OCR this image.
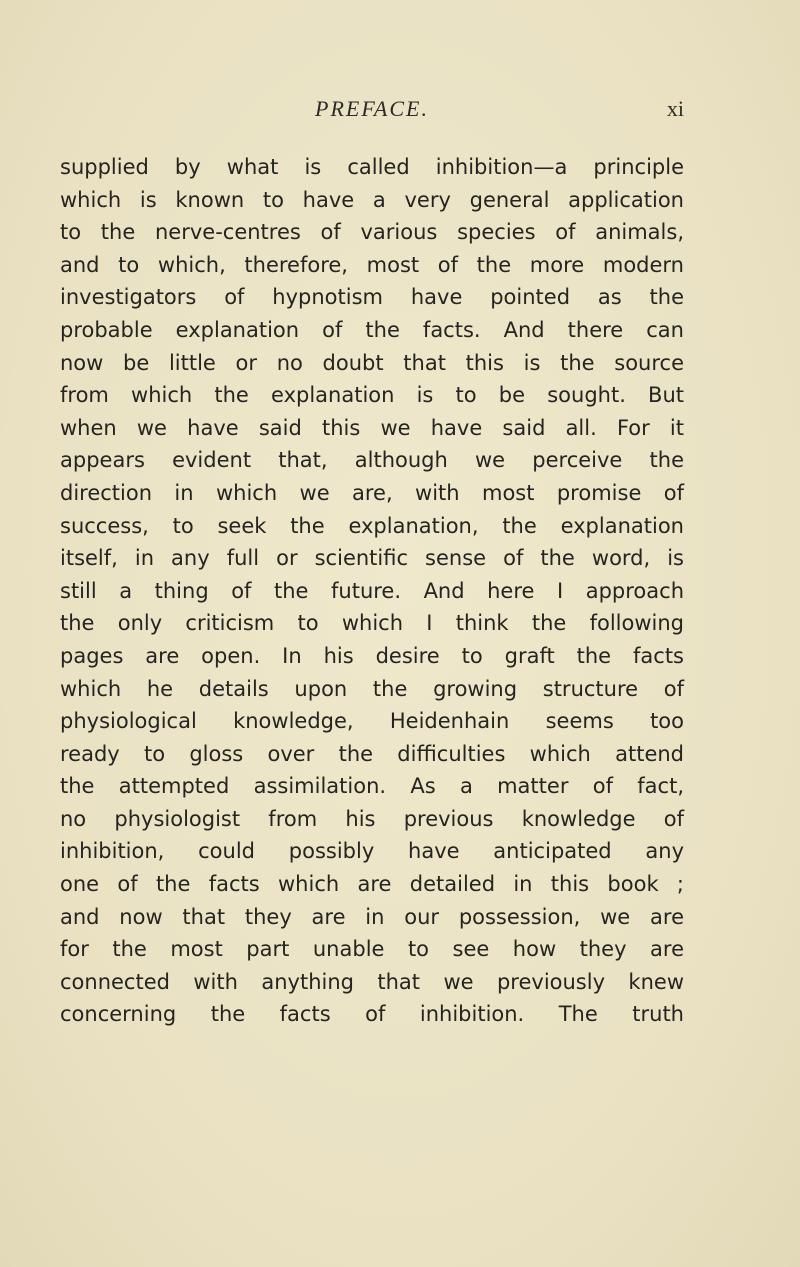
PREFACE.	xi
supplied by what is called inhibition—a principle
which is known to have a very general application
to the nerve-centres of various species of animals,
and to which, therefore, most of the more modern
investigators of hypnotism have pointed as the
probable explanation of the facts. And there can
now be little or no doubt that this is the source
from which the explanation is to be sought. But
when we have said this we have said all. For it
appears evident that, although we perceive the
direction in which we are, with most promise of
success, to seek the explanation, the explanation
itself, in any full or scientific sense of the word, is
still a thing of the future. And here I approach
the only criticism to which I think the following
pages are open. In his desire to graft the facts
which he details upon the growing structure of
physiological knowledge, Heidenhain seems too
ready to gloss over the difficulties which attend
the attempted assimilation. As a matter of fact,
no physiologist from his previous knowledge of
inhibition, could possibly have anticipated any
one of the facts which are detailed in this book ;
and now that they are in our possession, we are
for the most part unable to see how they are
connected with anything that we previously knew
concerning the facts of inhibition. The truth
